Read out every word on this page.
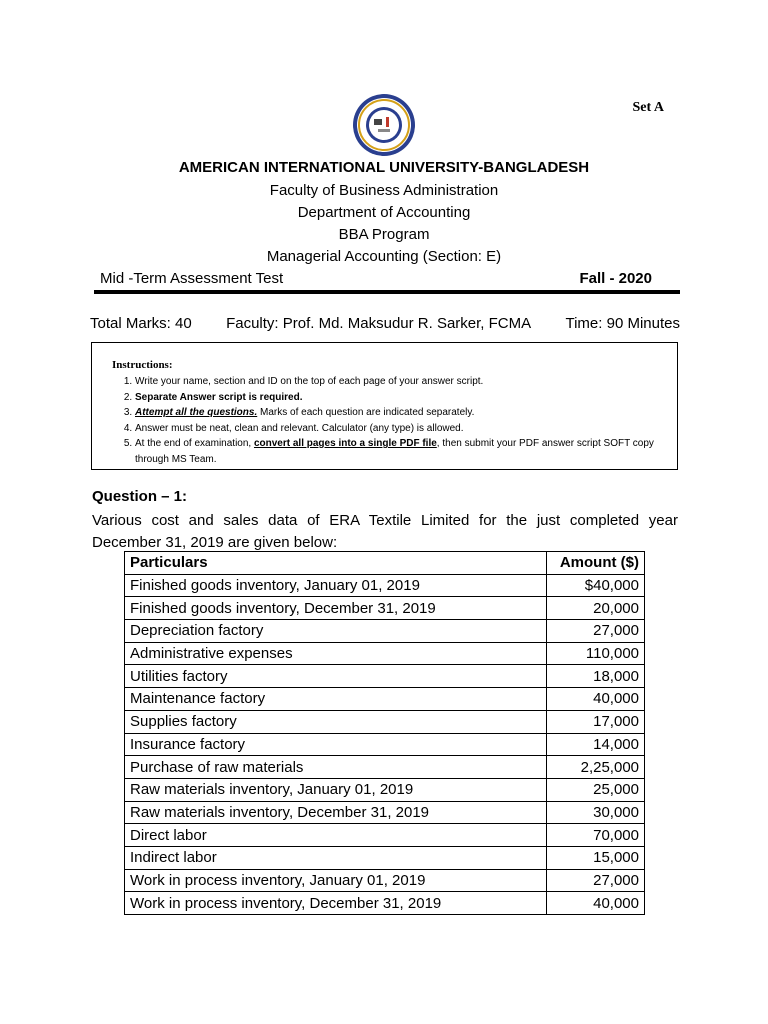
Set A
AMERICAN INTERNATIONAL UNIVERSITY-BANGLADESH
Faculty of Business Administration
Department of Accounting
BBA Program
Managerial Accounting (Section: E)
Mid -Term Assessment Test	Fall - 2020
Total Marks: 40 Faculty: Prof. Md. Maksudur R. Sarker, FCMA Time: 90 Minutes
Instructions:
1. Write your name, section and ID on the top of each page of your answer script.
2. Separate Answer script is required.
3. Attempt all the questions. Marks of each question are indicated separately.
4. Answer must be neat, clean and relevant. Calculator (any type) is allowed.
5. At the end of examination, convert all pages into a single PDF file, then submit your PDF answer script SOFT copy through MS Team.
Question – 1:
Various cost and sales data of ERA Textile Limited for the just completed year December 31, 2019 are given below:
Particulars	Amount ($)
Finished goods inventory, January 01, 2019	$40,000
Finished goods inventory, December 31, 2019	20,000
Depreciation factory	27,000
Administrative expenses	110,000
Utilities factory	18,000
Maintenance factory	40,000
Supplies factory	17,000
Insurance factory	14,000
Purchase of raw materials	2,25,000
Raw materials inventory, January 01, 2019	25,000
Raw materials inventory, December 31, 2019	30,000
Direct labor	70,000
Indirect labor	15,000
Work in process inventory, January 01, 2019	27,000
Work in process inventory, December 31, 2019	40,000
